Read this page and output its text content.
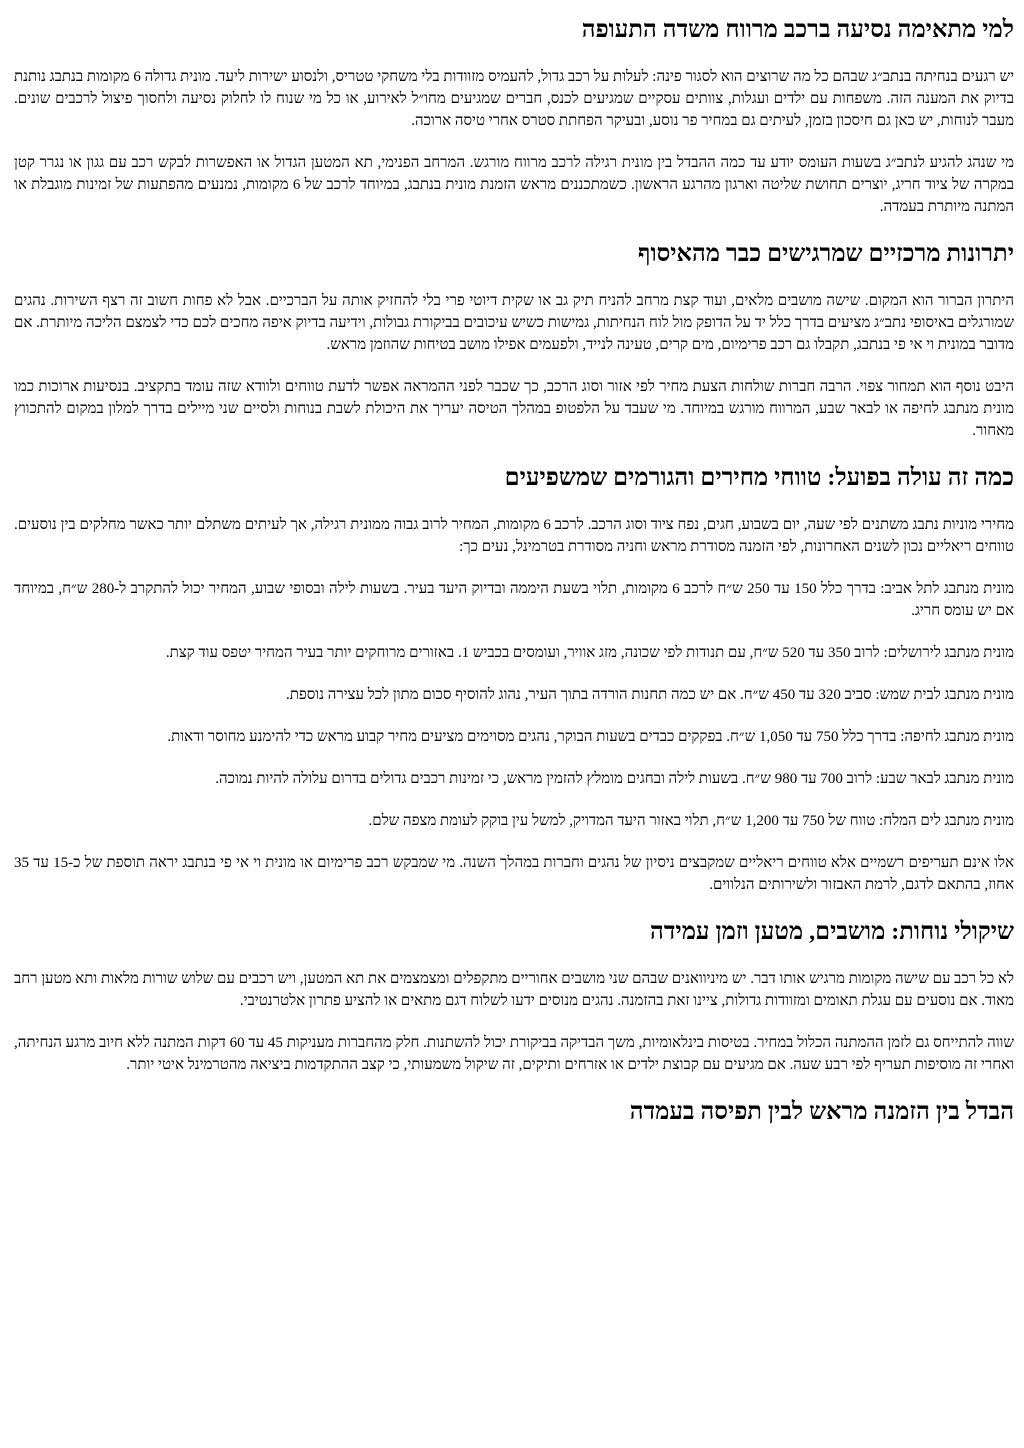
למי מתאימה נסיעה ברכב מרווח משדה התעופה

יש רגעים בנחיתה בנתב״ג שבהם כל מה שרוצים הוא לסגור פינה: לעלות על רכב גדול, להעמיס מזוודות בלי משחקי טטריס, ולנסוע ישירות ליעד. מונית גדולה 6 מקומות בנתבג נותנת בדיוק את המענה הזה. משפחות עם ילדים ועגלות, צוותים עסקיים שמגיעים לכנס, חברים שמגיעים מחו״ל לאירוע, או כל מי שנוח לו לחלוק נסיעה ולחסוך פיצול לרכבים שונים. מעבר לנוחות, יש כאן גם חיסכון בזמן, לעיתים גם במחיר פר נוסע, ובעיקר הפחתת סטרס אחרי טיסה ארוכה.

מי שנהג להגיע לנתב״ג בשעות העומס יודע עד כמה ההבדל בין מונית רגילה לרכב מרווח מורגש. המרחב הפנימי, תא המטען הגדול או האפשרות לבקש רכב עם גגון או נגרר קטן במקרה של ציוד חריג, יוצרים תחושת שליטה וארגון מהרגע הראשון. כשמתכננים מראש הזמנת מונית בנתבג, במיוחד לרכב של 6 מקומות, נמנעים מהפתעות של זמינות מוגבלת או המתנה מיותרת בעמדה.

יתרונות מרכזיים שמרגישים כבר מהאיסוף

היתרון הברור הוא המקום. שישה מושבים מלאים, ועוד קצת מרחב להניח תיק גב או שקית דיוטי פרי בלי להחזיק אותה על הברכיים. אבל לא פחות חשוב זה רצף השירות. נהגים שמורגלים באיסופי נתב״ג מציעים בדרך כלל יד על הדופק מול לוח הנחיתות, גמישות כשיש עיכובים בביקורת גבולות, וידיעה בדיוק איפה מחכים לכם כדי לצמצם הליכה מיותרת. אם מדובר במונית וי אי פי בנתבג, תקבלו גם רכב פרימיום, מים קרים, טעינה לנייד, ולפעמים אפילו מושב בטיחות שהוזמן מראש.

היבט נוסף הוא תמחור צפוי. הרבה חברות שולחות הצעת מחיר לפי אזור וסוג הרכב, כך שכבר לפני ההמראה אפשר לדעת טווחים ולוודא שזה עומד בתקציב. בנסיעות ארוכות כמו מונית מנתבג לחיפה או לבאר שבע, המרווח מורגש במיוחד. מי שעבד על הלפטופ במהלך הטיסה יעריך את היכולת לשבת בנוחות ולסיים שני מיילים בדרך למלון במקום להתכווץ מאחור.

כמה זה עולה בפועל: טווחי מחירים והגורמים שמשפיעים

מחירי מוניות נתבג משתנים לפי שעה, יום בשבוע, חגים, נפח ציוד וסוג הרכב. לרכב 6 מקומות, המחיר לרוב גבוה ממונית רגילה, אך לעיתים משתלם יותר כאשר מחלקים בין נוסעים. טווחים ריאליים נכון לשנים האחרונות, לפי הזמנה מסודרת מראש וחניה מסודרת בטרמינל, נעים כך:

מונית מנתבג לתל אביב: בדרך כלל 150 עד 250 ש״ח לרכב 6 מקומות, תלוי בשעת היממה ובדיוק היעד בעיר. בשעות לילה ובסופי שבוע, המחיר יכול להתקרב ל-280 ש״ח, במיוחד אם יש עומס חריג.

מונית מנתבג לירושלים: לרוב 350 עד 520 ש״ח, עם תנודות לפי שכונה, מזג אוויר, ועומסים בכביש 1. באזורים מרוחקים יותר בעיר המחיר יטפס עוד קצת.

מונית מנתבג לבית שמש: סביב 320 עד 450 ש״ח. אם יש כמה תחנות הורדה בתוך העיר, נהוג להוסיף סכום מתון לכל עצירה נוספת.

מונית מנתבג לחיפה: בדרך כלל 750 עד 1,050 ש״ח. בפקקים כבדים בשעות הבוקר, נהגים מסוימים מציעים מחיר קבוע מראש כדי להימנע מחוסר ודאות.

מונית מנתבג לבאר שבע: לרוב 700 עד 980 ש״ח. בשעות לילה ובחגים מומלץ להזמין מראש, כי זמינות רכבים גדולים בדרום עלולה להיות נמוכה.

מונית מנתבג לים המלח: טווח של 750 עד 1,200 ש״ח, תלוי באזור היעד המדויק, למשל עין בוקק לעומת מצפה שלם.

אלו אינם תעריפים רשמיים אלא טווחים ריאליים שמקבצים ניסיון של נהגים וחברות במהלך השנה. מי שמבקש רכב פרימיום או מונית וי אי פי בנתבג יראה תוספת של כ-15 עד 35 אחוז, בהתאם לדגם, לרמת האבזור ולשירותים הנלווים.

שיקולי נוחות: מושבים, מטען וזמן עמידה

לא כל רכב עם שישה מקומות מרגיש אותו דבר. יש מיניוואנים שבהם שני מושבים אחוריים מתקפלים ומצמצמים את תא המטען, ויש רכבים עם שלוש שורות מלאות ותא מטען רחב מאוד. אם נוסעים עם עגלת תאומים ומזוודות גדולות, ציינו זאת בהזמנה. נהגים מנוסים ידעו לשלוח דגם מתאים או להציע פתרון אלטרנטיבי.

שווה להתייחס גם לזמן ההמתנה הכלול במחיר. בטיסות בינלאומיות, משך הבדיקה בביקורת יכול להשתנות. חלק מהחברות מעניקות 45 עד 60 דקות המתנה ללא חיוב מרגע הנחיתה, ואחרי זה מוסיפות תעריף לפי רבע שעה. אם מגיעים עם קבוצת ילדים או אזרחים ותיקים, זה שיקול משמעותי, כי קצב ההתקדמות ביציאה מהטרמינל איטי יותר.

הבדל בין הזמנה מראש לבין תפיסה בעמדה
